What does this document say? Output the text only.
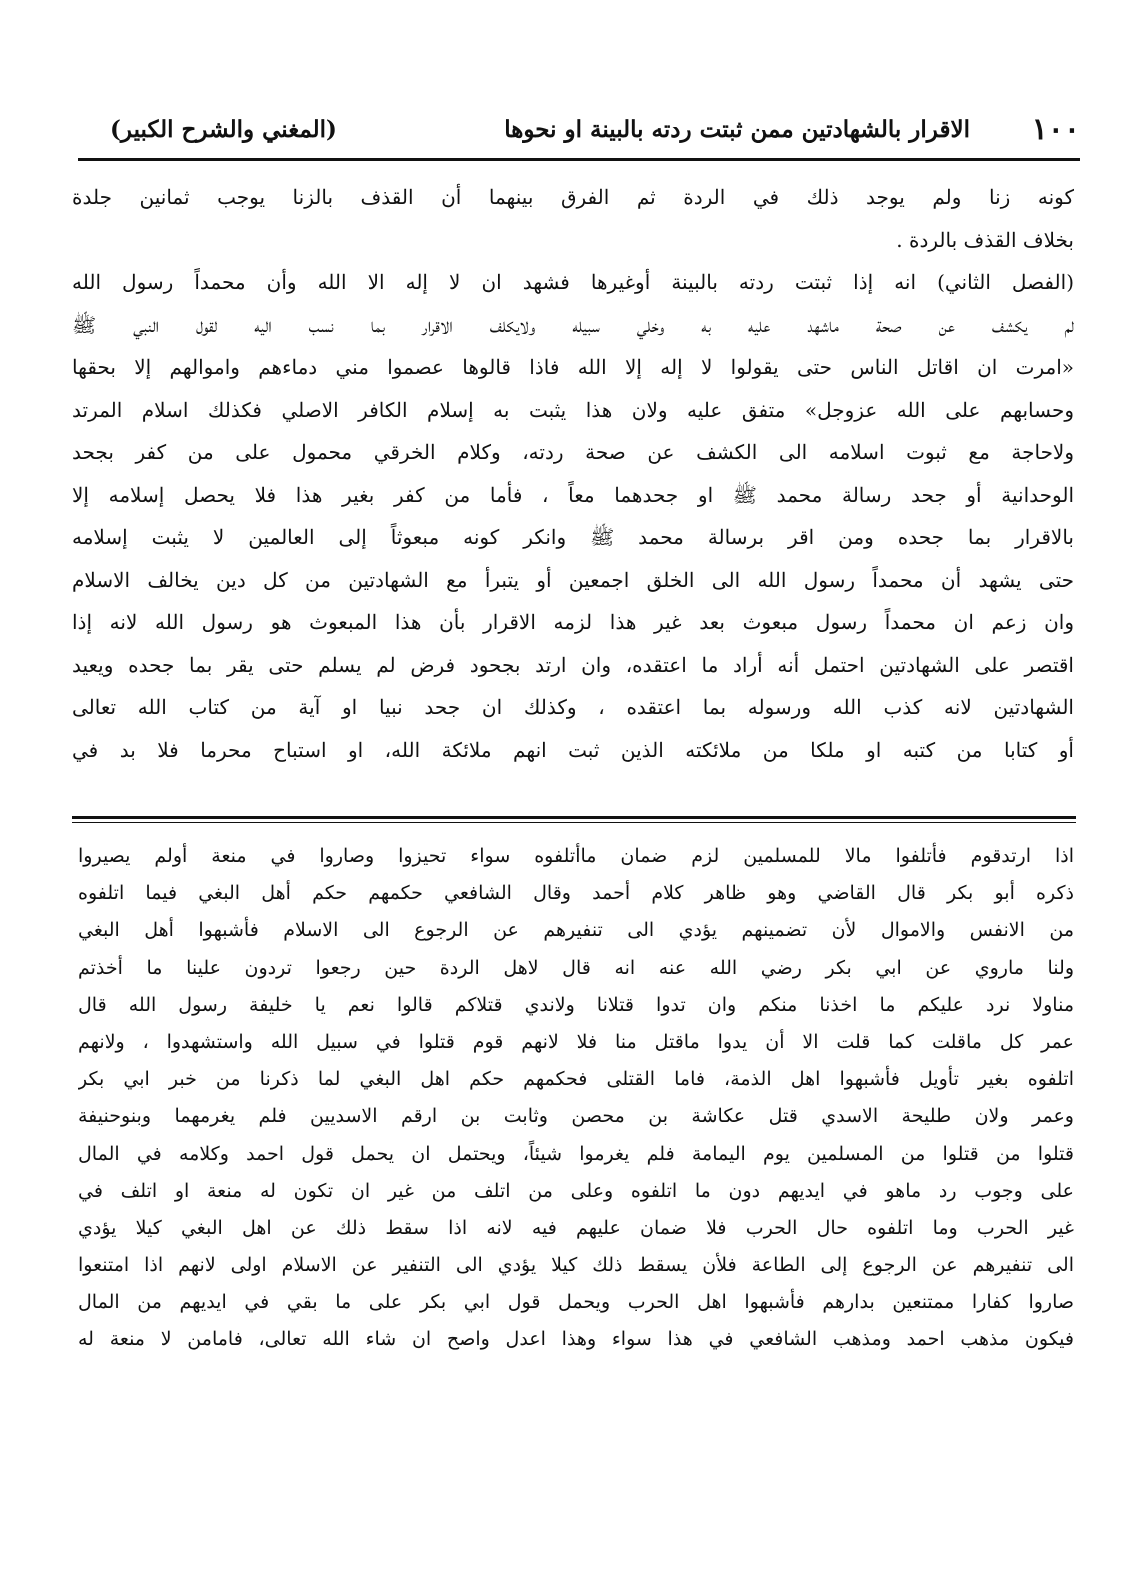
١٠٠
الاقرار بالشهادتين ممن ثبتت ردته بالبينة او نحوها
(المغني والشرح الكبير)
كونه زنا ولم يوجد ذلك في الردة ثم الفرق بينهما أن القذف بالزنا يوجب ثمانين جلدة
بخلاف القذف بالردة .
(الفصل الثاني) انه إذا ثبتت ردته بالبينة أوغيرها فشهد ان لا إله الا الله وأن محمداً رسول الله
لم يكشف عن صحة ماشهد عليه به وخلي سبيله ولايكلف الاقرار بما نسب اليه لقول النبي ﷺ
«امرت ان اقاتل الناس حتى يقولوا لا إله إلا الله فاذا قالوها عصموا مني دماءهم واموالهم إلا بحقها
وحسابهم على الله عزوجل» متفق عليه ولان هذا يثبت به إسلام الكافر الاصلي فكذلك اسلام المرتد
ولاحاجة مع ثبوت اسلامه الى الكشف عن صحة ردته، وكلام الخرقي محمول على من كفر بجحد
الوحدانية أو جحد رسالة محمد ﷺ او جحدهما معاً ، فأما من كفر بغير هذا فلا يحصل إسلامه إلا
بالاقرار بما جحده ومن اقر برسالة محمد ﷺ وانكر كونه مبعوثاً إلى العالمين لا يثبت إسلامه
حتى يشهد أن محمداً رسول الله الى الخلق اجمعين أو يتبرأ مع الشهادتين من كل دين يخالف الاسلام
وان زعم ان محمداً رسول مبعوث بعد غير هذا لزمه الاقرار بأن هذا المبعوث هو رسول الله لانه إذا
اقتصر على الشهادتين احتمل أنه أراد ما اعتقده، وان ارتد بجحود فرض لم يسلم حتى يقر بما جحده ويعيد
الشهادتين لانه كذب الله ورسوله بما اعتقده ، وكذلك ان جحد نبيا او آية من كتاب الله تعالى
أو كتابا من كتبه او ملكا من ملائكته الذين ثبت انهم ملائكة الله، او استباح محرما فلا بد في
اذا ارتدقوم فأتلفوا مالا للمسلمين لزم ضمان ماأتلفوه سواء تحيزوا وصاروا في منعة أولم يصيروا
ذكره أبو بكر قال القاضي وهو ظاهر كلام أحمد وقال الشافعي حكمهم حكم أهل البغي فيما اتلفوه
من الانفس والاموال لأن تضمينهم يؤدي الى تنفيرهم عن الرجوع الى الاسلام فأشبهوا أهل البغي
ولنا ماروي عن ابي بكر رضي الله عنه انه قال لاهل الردة حين رجعوا تردون علينا ما أخذتم
مناولا نرد عليكم ما اخذنا منكم وان تدوا قتلانا ولاندي قتلاكم قالوا نعم يا خليفة رسول الله قال
عمر كل ماقلت كما قلت الا أن يدوا ماقتل منا فلا لانهم قوم قتلوا في سبيل الله واستشهدوا ، ولانهم
اتلفوه بغير تأويل فأشبهوا اهل الذمة، فاما القتلى فحكمهم حكم اهل البغي لما ذكرنا من خبر ابي بكر
وعمر ولان طليحة الاسدي قتل عكاشة بن محصن وثابت بن ارقم الاسديين فلم يغرمهما وبنوحنيفة
قتلوا من قتلوا من المسلمين يوم اليمامة فلم يغرموا شيئاً، ويحتمل ان يحمل قول احمد وكلامه في المال
على وجوب رد ماهو في ايديهم دون ما اتلفوه وعلى من اتلف من غير ان تكون له منعة او اتلف في
غير الحرب وما اتلفوه حال الحرب فلا ضمان عليهم فيه لانه اذا سقط ذلك عن اهل البغي كيلا يؤدي
الى تنفيرهم عن الرجوع إلى الطاعة فلأن يسقط ذلك كيلا يؤدي الى التنفير عن الاسلام اولى لانهم اذا امتنعوا
صاروا كفارا ممتنعين بدارهم فأشبهوا اهل الحرب ويحمل قول ابي بكر على ما بقي في ايديهم من المال
فيكون مذهب احمد ومذهب الشافعي في هذا سواء وهذا اعدل واصح ان شاء الله تعالى، فامامن لا منعة له
